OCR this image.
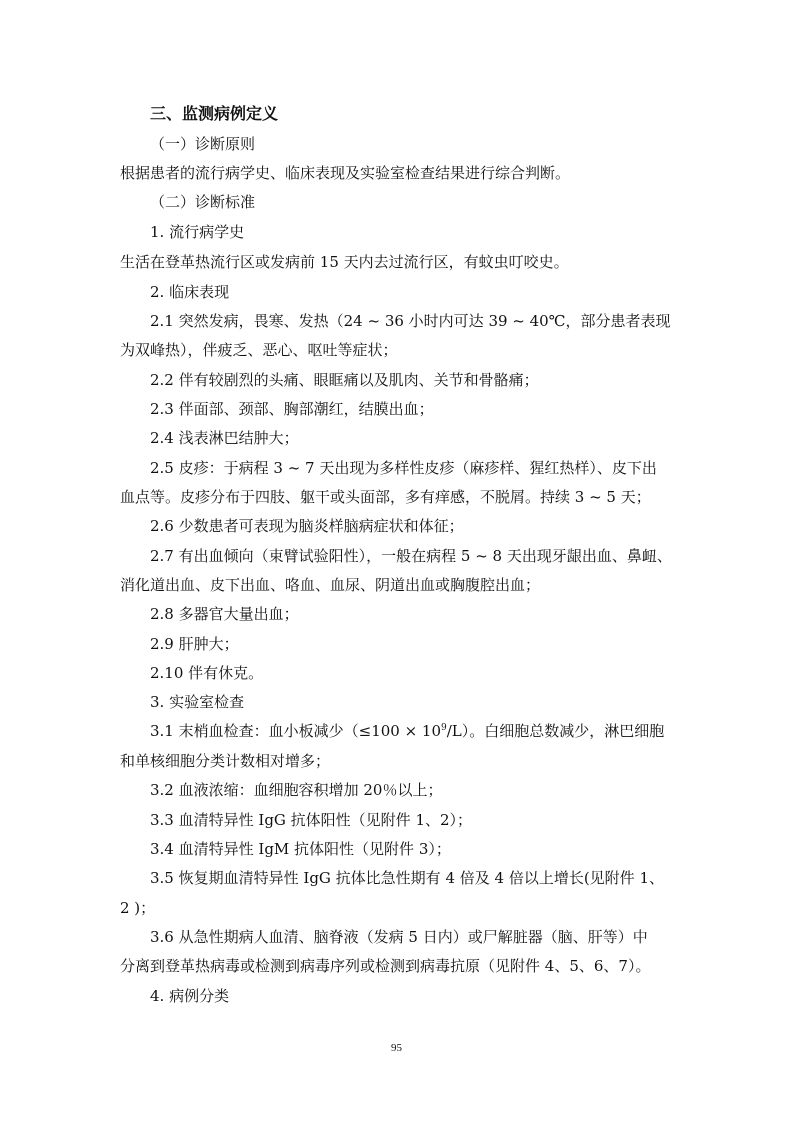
三、监测病例定义
（一）诊断原则
根据患者的流行病学史、临床表现及实验室检查结果进行综合判断。
（二）诊断标准
1. 流行病学史
生活在登革热流行区或发病前 15 天内去过流行区，有蚊虫叮咬史。
2. 临床表现
2.1 突然发病，畏寒、发热（24 ~ 36 小时内可达 39 ~ 40℃，部分患者表现
为双峰热），伴疲乏、恶心、呕吐等症状；
2.2 伴有较剧烈的头痛、眼眶痛以及肌肉、关节和骨骼痛；
2.3 伴面部、颈部、胸部潮红，结膜出血；
2.4 浅表淋巴结肿大；
2.5 皮疹：于病程 3 ~ 7 天出现为多样性皮疹（麻疹样、猩红热样）、皮下出
血点等。皮疹分布于四肢、躯干或头面部，多有痒感，不脱屑。持续 3 ~ 5 天；
2.6 少数患者可表现为脑炎样脑病症状和体征；
2.7 有出血倾向（束臂试验阳性），一般在病程 5 ~ 8 天出现牙龈出血、鼻衄、
消化道出血、皮下出血、咯血、血尿、阴道出血或胸腹腔出血；
2.8 多器官大量出血；
2.9 肝肿大；
2.10 伴有休克。
3. 实验室检查
3.1 末梢血检查：血小板减少$(\le 100 \times 10^9/L)$。白细胞总数减少，淋巴细胞
和单核细胞分类计数相对增多；
3.2 血液浓缩：血细胞容积增加 20％以上；
3.3 血清特异性 IgG 抗体阳性（见附件 1、2）；
3.4 血清特异性 IgM 抗体阳性（见附件 3）；
3.5 恢复期血清特异性 IgG 抗体比急性期有 4 倍及 4 倍以上增长(见附件 1、
2 )；
3.6 从急性期病人血清、脑脊液（发病 5 日内）或尸解脏器（脑、肝等）中
分离到登革热病毒或检测到病毒序列或检测到病毒抗原（见附件 4、5、6、7）。
4. 病例分类
95
